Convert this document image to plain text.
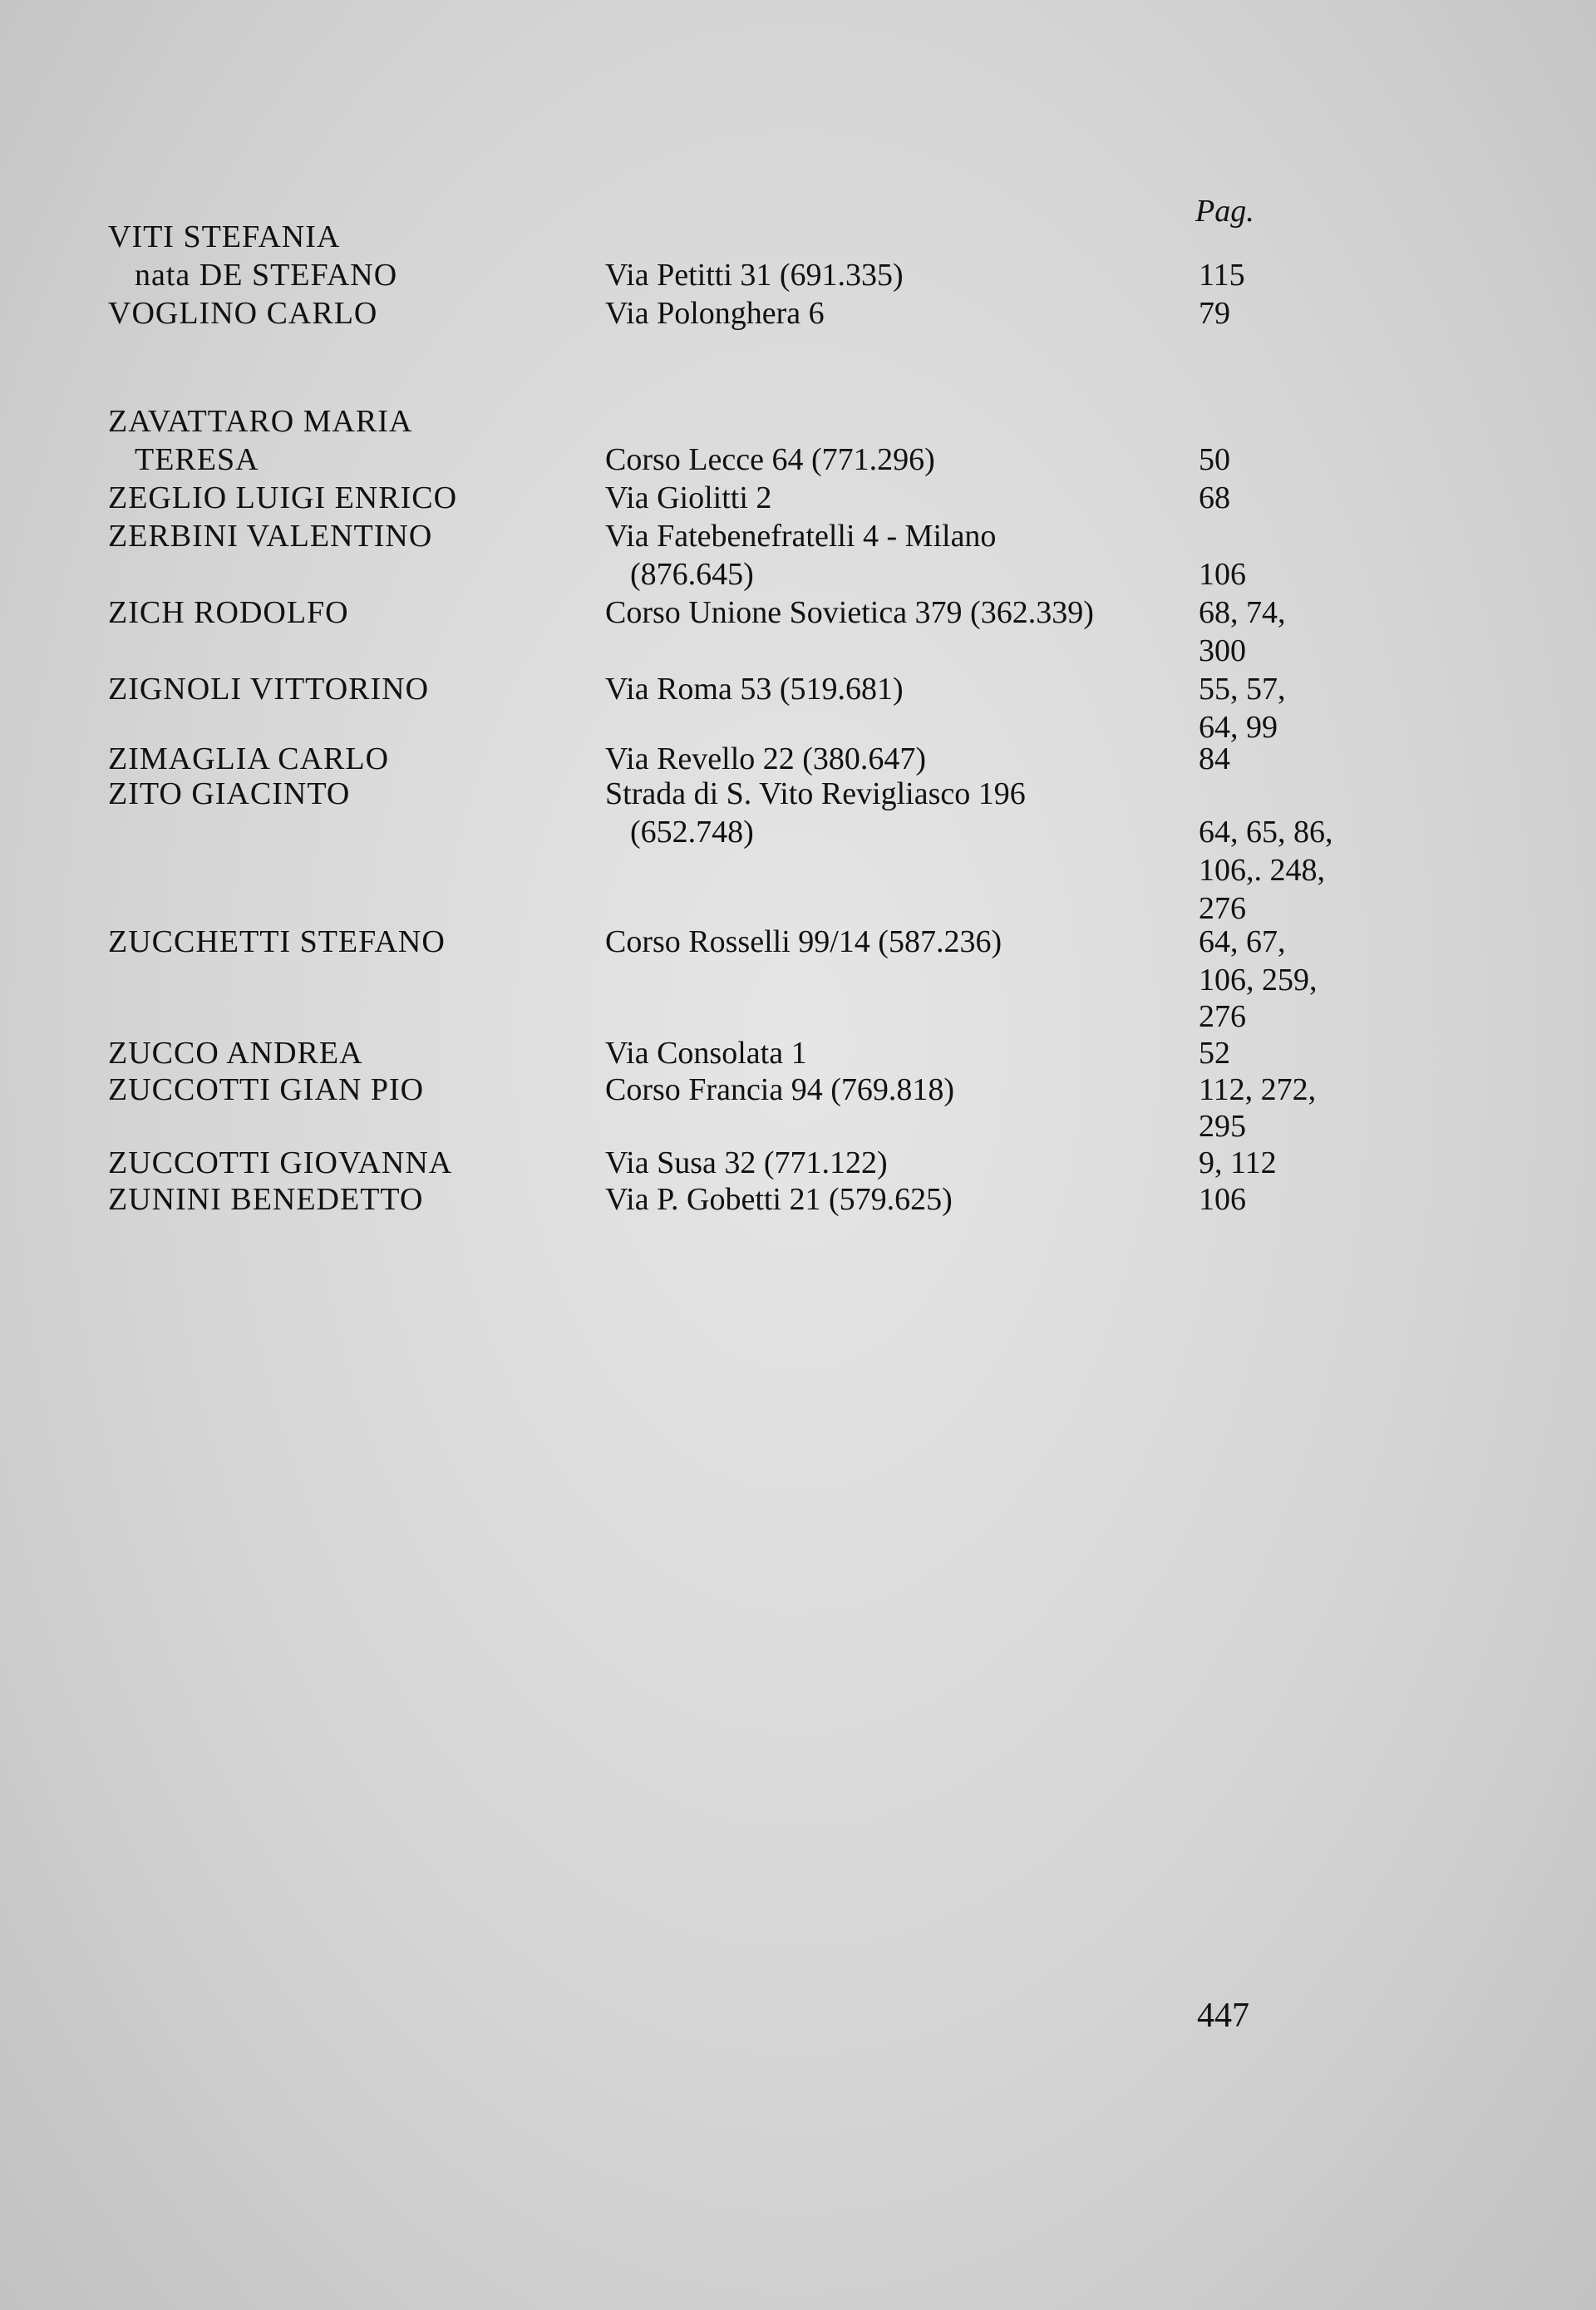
Pag.
VITI STEFANIA
nata DE STEFANO	Via Petitti 31 (691.335)	115
VOGLINO CARLO	Via Polonghera 6	79
ZAVATTARO MARIA
TERESA	Corso Lecce 64 (771.296)	50
ZEGLIO LUIGI ENRICO	Via Giolitti 2	68
ZERBINI VALENTINO	Via Fatebenefratelli 4 - Milano
(876.645)	106
ZICH RODOLFO	Corso Unione Sovietica 379 (362.339)	68, 74,
300
ZIGNOLI VITTORINO	Via Roma 53 (519.681)	55, 57,
64, 99
ZIMAGLIA CARLO	Via Revello 22 (380.647)	84
ZITO GIACINTO	Strada di S. Vito Revigliasco 196
(652.748)	64, 65, 86,
106,. 248,
276
ZUCCHETTI STEFANO	Corso Rosselli 99/14 (587.236)	64, 67,
106, 259,
276
ZUCCO ANDREA	Via Consolata 1	52
ZUCCOTTI GIAN PIO	Corso Francia 94 (769.818)	112, 272,
295
ZUCCOTTI GIOVANNA	Via Susa 32 (771.122)	9, 112
ZUNINI BENEDETTO	Via P. Gobetti 21 (579.625)	106
447
